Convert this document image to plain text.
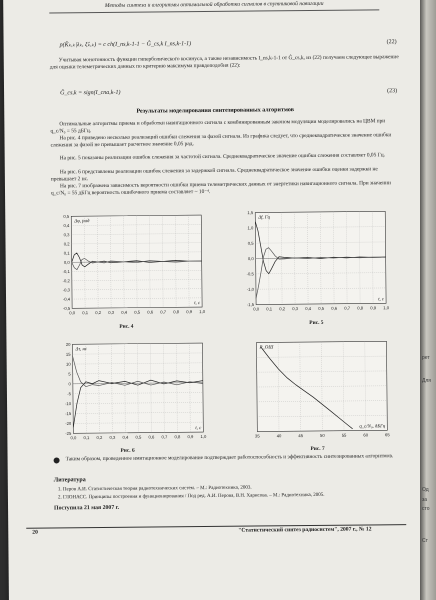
Методы синтеза и алгоритмы оптимальной обработки сигналов в спутниковой навигации
p(K̂ₖ,ₖ|λₖ, ξ̂ₖ,ₖ) = c ch(I_ns,k-1-1 − Ĝ_cs,k I_ns,k-1-1)	(22)
Учитывая монотонность функции гиперболического косинуса, а также независимость I_ns,k-1-1 от Ĝ_cs,k, из (22) получаем следующее выражение для оценки телеметрических данных по критерию максимума правдоподобия (22):
Ĝ_cs,k = sign(I_cna,k-1)	(23)
Результаты моделирования синтезированных алгоритмов
Оптимальные алгоритмы приема и обработки навигационного сигнала с комбинированным законом модуляции моделировались на ЦВМ при q_c/N₀ = 55 дБГц.
На рис. 4 приведено несколько реализаций ошибки слежения за фазой сигнала. Из графика следует, что среднеквадратическое значение ошибки слежения за фазой не превышает расчетное значение 0,05 рад.
На рис. 5 показаны реализации ошибок слежения за частотой сигнала. Среднеквадратическое значение ошибки слежения составляет 0,05 Гц.
На рис. 6 представлены реализации ошибок слежения за задержкой сигнала. Среднеквадратическое значение ошибки оценки задержки не превышает 2 нс.
На рис. 7 изображена зависимость вероятности ошибки приема телеметрических данных от энергетики навигационного сигнала. При значении q_c/N₀ = 55 дБГц вероятность ошибочного приема составляет ~ 10⁻⁴.
0,0 0,1 0,2 0,3 0,4 0,5 0,6 0,7 0,8 0,9 1,0
0,5
0,4
0,3
0,2
0,1
0,0
-0,1
-0,2
-0,3
-0,4
-0,5
Δφ, рад
t, c
Рис. 4
0,0 0,1 0,2 0,3 0,4 0,5 0,6 0,7 0,8 0,9 1,0
1,5
1,0
0,5
0,0
-0,5
-1,0
-1,5
Δf, Гц
t, c
Рис. 5
0,0 0,1 0,2 0,3 0,4 0,5 0,6 0,7 0,8 0,9 1,0
20
15
10
5
0
-5
-10
-15
-20
-25
Δτ, нс
t, c
Рис. 6
35	40	45	50	55	60	65
P_ОШ
q_c/N₀, дБГц
Рис. 7
Таким образом, проведенное имитационное моделирование подтверждает работоспособность и эффективность синтезированных алгоритмов.
Литература
1. Перов А.И. Статистическая теория радиотехнических систем. – М.: Радиотехника, 2003.
2. ГЛОНАСС. Принципы построения и функционирования / Под ред. А.И. Перова, В.Н. Харисова. – М.: Радиотехника, 2005.
Поступила 21 мая 2007 г.
20	"Статистический синтез радиосистем", 2007 г., № 12
рет
Для
Од
за
сто
Ст
